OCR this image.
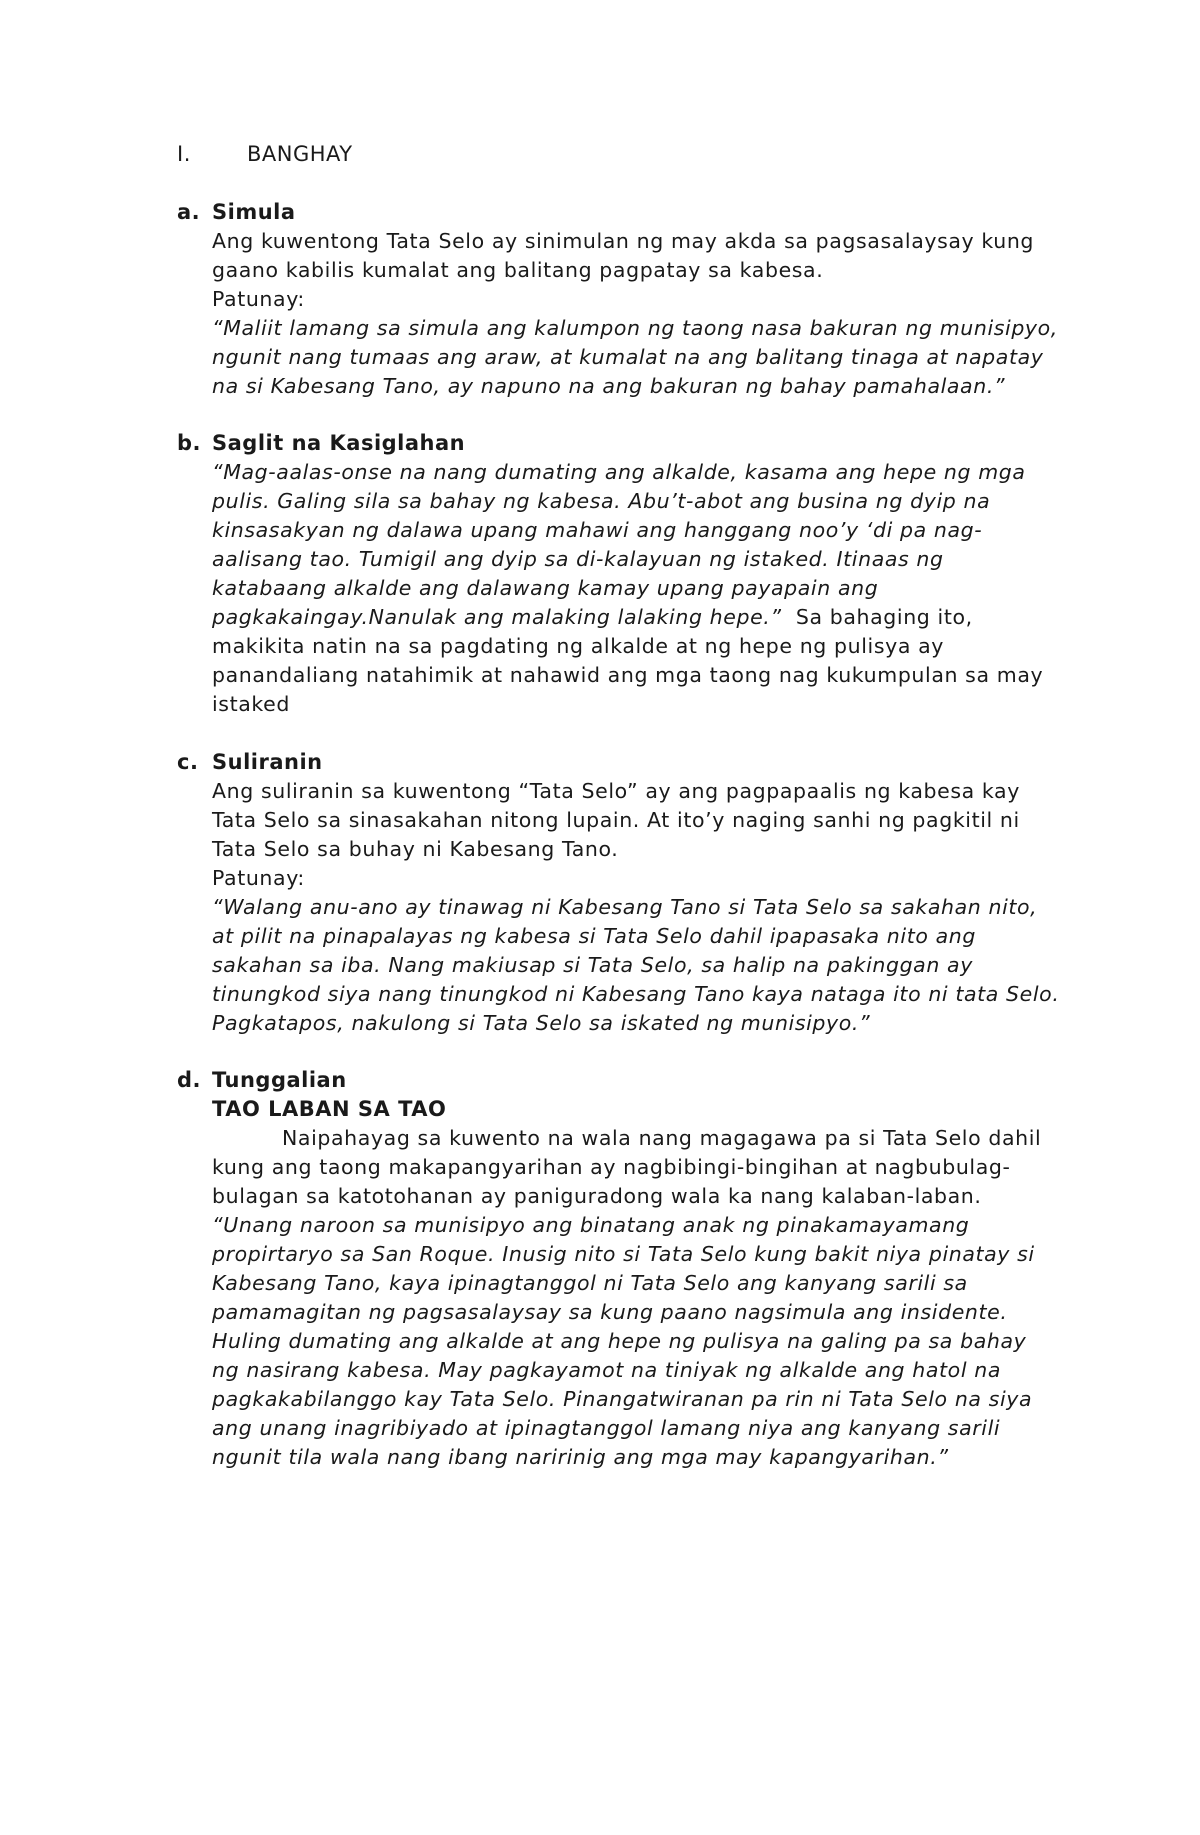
I.	BANGHAY
a. Simula

Ang kuwentong Tata Selo ay sinimulan ng may akda sa pagsasalaysay kung
gaano kabilis kumalat ang balitang pagpatay sa kabesa.

Patunay:

“Maliit lamang sa simula ang kalumpon ng taong nasa bakuran ng munisipyo,
ngunit nang tumaas ang araw, at kumalat na ang balitang tinaga at napatay
na si Kabesang Tano, ay napuno na ang bakuran ng bahay pamahalaan.”

b. Saglit na Kasiglahan

“Mag-aalas-onse na nang dumating ang alkalde, kasama ang hepe ng mga
pulis. Galing sila sa bahay ng kabesa. Abu’t-abot ang businа ng dyip na
kinsasakyan ng dalawa upang mahawi ang hanggang noo’y ‘di pa nag-
aalisang tao. Tumigil ang dyip sa di-kalayuan ng istaked. Itinaas ng
katabaang alkalde ang dalawang kamay upang payapain ang
pagkakaingay.Nanulak ang malaking lalaking hepe.”  Sa bahaging ito,
makikita natin na sa pagdating ng alkalde at ng hepe ng pulisya ay
panandaliang natahimik at nahawid ang mga taong nag kukumpulan sa may
istaked

c. Suliranin

Ang suliranin sa kuwentong “Tata Selo” ay ang pagpapaalis ng kabesa kay
Tata Selo sa sinasakahan nitong lupain. At ito’y naging sanhi ng pagkitil ni
Tata Selo sa buhay ni Kabesang Tano.

Patunay:

“Walang anu-ano ay tinawag ni Kabesang Tano si Tata Selo sa sakahan nito,
at pilit na pinapalayas ng kabesa si Tata Selo dahil ipapasaka nito ang
sakahan sa iba. Nang makiusap si Tata Selo, sa halip na pakinggan ay
tinungkod siya nang tinungkod ni Kabesang Tano kaya nataga ito ni tata Selo.
Pagkatapos, nakulong si Tata Selo sa iskated ng munisipyo.”

d. Tunggalian
TAO LABAN SA TAO

Naipahayag sa kuwento na wala nang magagawa pa si Tata Selo dahil
kung ang taong makapangyarihan ay nagbibingi-bingihan at nagbubulag-
bulagan sa katotohanan ay paniguradong wala ka nang kalaban-laban.

“Unang naroon sa munisipyo ang binatang anak ng pinakamayamang
propirtaryo sa San Roque. Inusig nito si Tata Selo kung bakit niya pinatay si
Kabesang Tano, kaya ipinagtanggol ni Tata Selo ang kanyang sarili sa
pamamagitan ng pagsasalaysay sa kung paano nagsimula ang insidente.
Huling dumating ang alkalde at ang hepe ng pulisya na galing pa sa bahay
ng nasirang kabesa. May pagkayamot na tiniyak ng alkalde ang hatol na
pagkakabilanggo kay Tata Selo. Pinangatwiranan pa rin ni Tata Selo na siya
ang unang inagribiyado at ipinagtanggol lamang niya ang kanyang sarili
ngunit tila wala nang ibang naririnig ang mga may kapangyarihan.”
